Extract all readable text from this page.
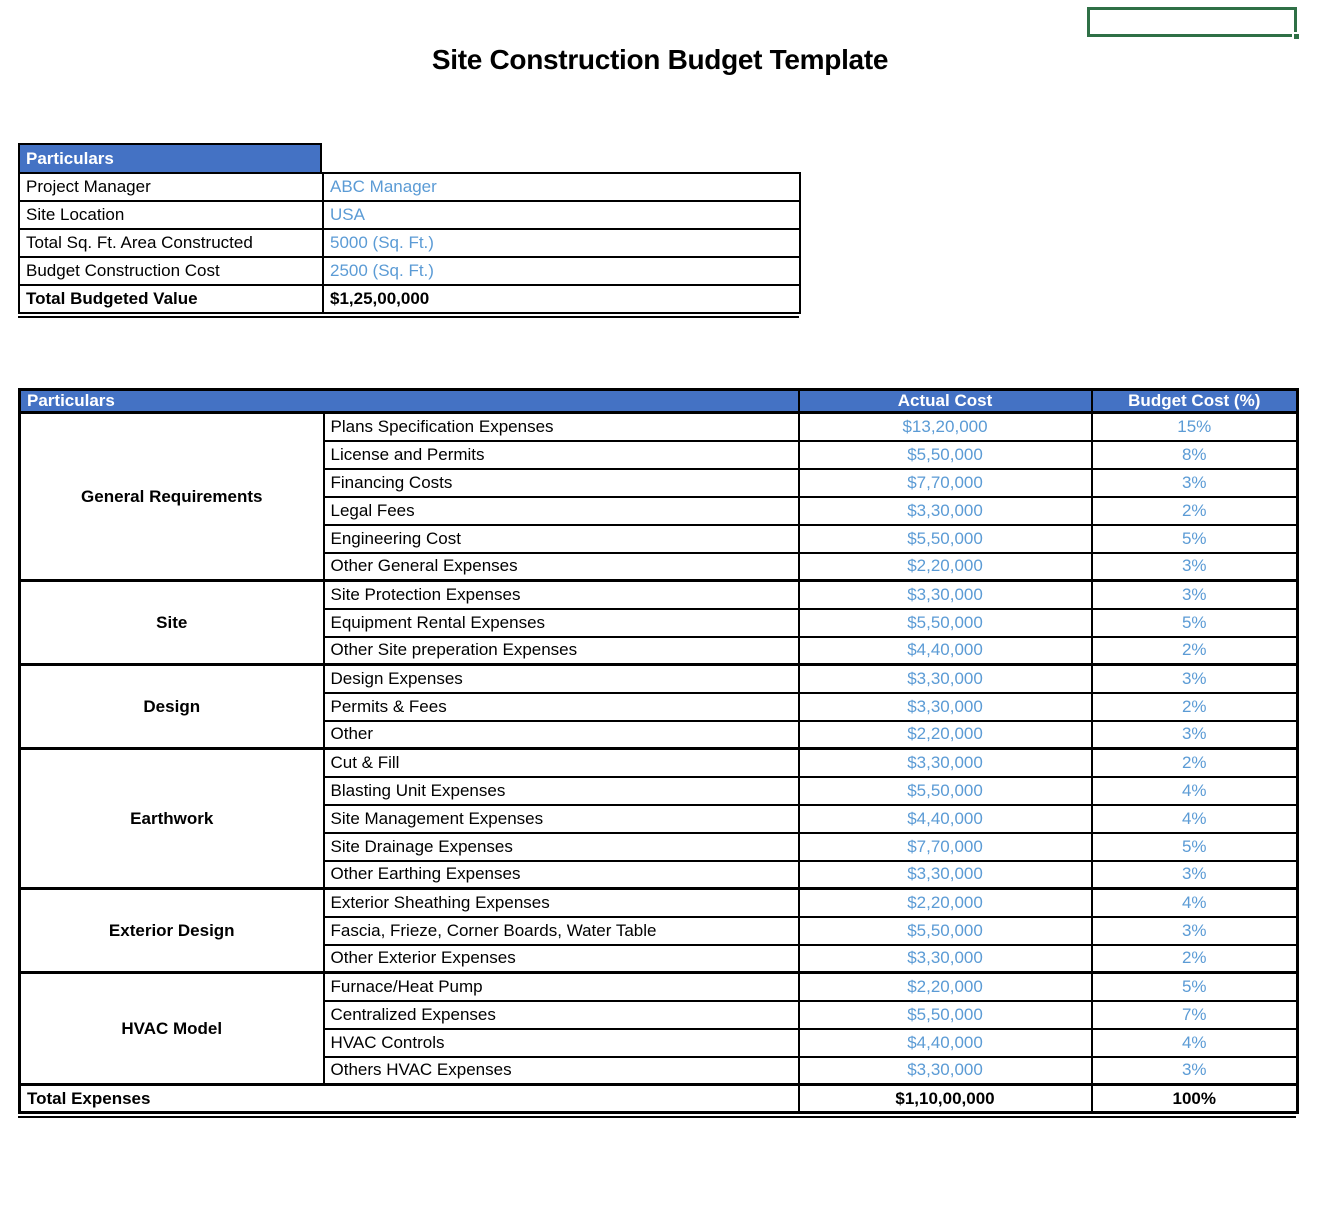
Site Construction Budget Template
Particulars
Project Manager	ABC Manager
Site Location	USA
Total Sq. Ft. Area Constructed	5000 (Sq. Ft.)
Budget Construction Cost	2500 (Sq. Ft.)
Total Budgeted Value	$1,25,00,000
Particulars		Actual Cost	Budget Cost (%)
General Requirements	Plans Specification Expenses	$13,20,000	15%
	License and Permits	$5,50,000	8%
	Financing Costs	$7,70,000	3%
	Legal Fees	$3,30,000	2%
	Engineering Cost	$5,50,000	5%
	Other General Expenses	$2,20,000	3%
Site	Site Protection Expenses	$3,30,000	3%
	Equipment Rental Expenses	$5,50,000	5%
	Other Site preperation Expenses	$4,40,000	2%
Design	Design Expenses	$3,30,000	3%
	Permits & Fees	$3,30,000	2%
	Other	$2,20,000	3%
Earthwork	Cut & Fill	$3,30,000	2%
	Blasting Unit Expenses	$5,50,000	4%
	Site Management Expenses	$4,40,000	4%
	Site Drainage Expenses	$7,70,000	5%
	Other Earthing Expenses	$3,30,000	3%
Exterior Design	Exterior Sheathing Expenses	$2,20,000	4%
	Fascia, Frieze, Corner Boards, Water Table	$5,50,000	3%
	Other Exterior Expenses	$3,30,000	2%
HVAC Model	Furnace/Heat Pump	$2,20,000	5%
	Centralized Expenses	$5,50,000	7%
	HVAC Controls	$4,40,000	4%
	Others HVAC Expenses	$3,30,000	3%
Total Expenses		$1,10,00,000	100%
